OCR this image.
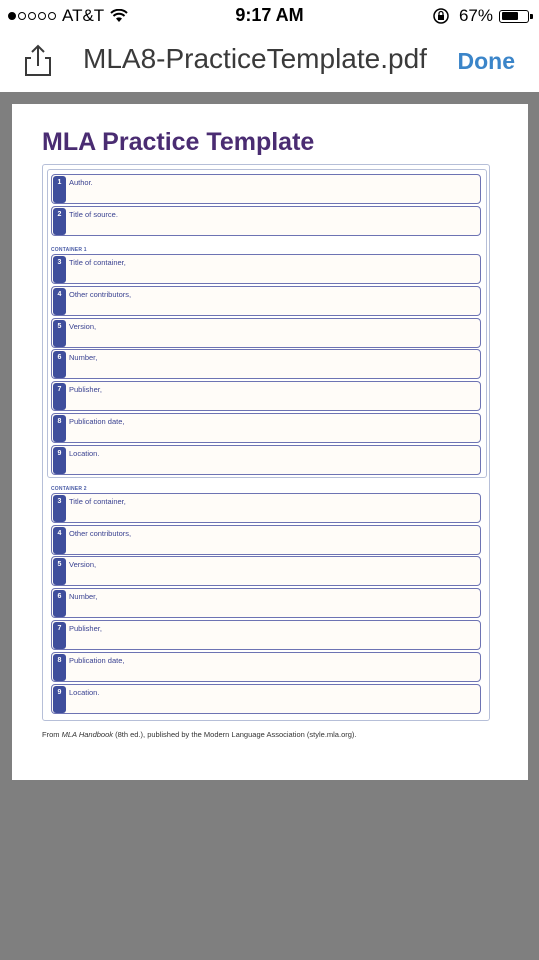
AT&T	9:17 AM	67%
MLA8-PracticeTemplate.pdf Done
MLA Practice Template
1	Author.
2	Title of source.
CONTAINER 1
3	Title of container,
4	Other contributors,
5	Version,
6	Number,
7	Publisher,
8	Publication date,
9	Location.
CONTAINER 2
3	Title of container,
4	Other contributors,
5	Version,
6	Number,
7	Publisher,
8	Publication date,
9	Location.
From MLA Handbook (8th ed.), published by the Modern Language Association (style.mla.org).
